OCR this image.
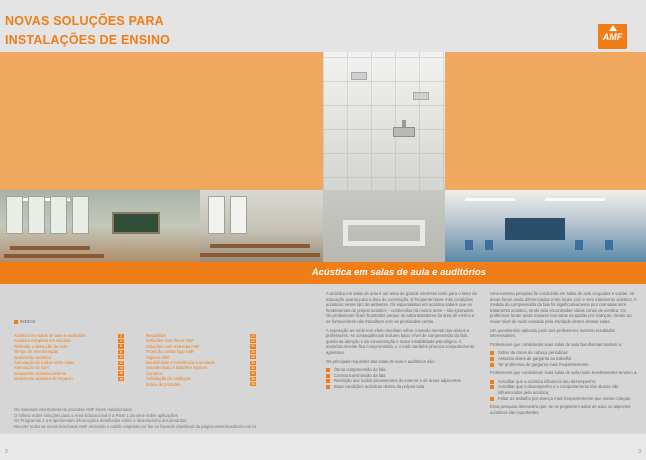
NOVAS SOLUÇÕES PARA
INSTALAÇÕES DE ENSINO	AMF
Acústica em salas de aula e auditórios
ÍNDICE
Acústica em salas de aula e auditórios	2
Acústica completa em escolas	4
Reflexão e absorção de som	6
Tempo de reverberação	8
Isolamento acústico	10
Atenuação de ruídos entre salas	12
Atenuação do som	14
Isolamento acústico externo	16
Isolamento acústico de impacto	18
Requisitos	20
Soluções com forros AMF	22
Soluções com sistemas AMF	24
Proteção contra fogo AMF	26
Higiene AMF	28
Durabilidade e resistência à umidade	30
Soundmosaic e Baseline System	32
Contatos	34
Solicitação de catálogos	35
Índice de produtos	36
Os materiais informativos de produtos AMF foram reelaborados.
O folheto sobre soluções para a Área Educacional é a Parte 1 da série sobre aplicações.
Os Programas 1 a 8 apresentam informações detalhadas sobre o desempenho dos produtos.
Recorte todas as novas brochuras AMF enviando o cartão resposta por fax ou fazendo download da página www.knaufamf.com.br.

A acústica em salas de aula é um tema de grande interesse tanto para o setor da educação quanto para a área da construção. É freqüente haver más condições acústicas nesse tipo de ambiente. Os especialistas em acústica sabem que os fundamentos de projeto acústico – conhecidos há muitos anos – são ignorados. Os professores ficam frustrados porque os administradores da área de ensino e os fornecedores não trabalham com as prioridades certas.

A exposição ao ruído tem efeito imediato sobre o estado mental dos alunos e professores. As conseqüências incluem baixo nível de compreensão da fala, queda da atenção e da concentração e maior instabilidade psicológica. A memória recente fica comprometida, e o ruído também provoca comportamento agressivo.

Os principais requisitos das salas de aula e auditórios são:

Ótima compreensão da fala
Correta transmissão da fala
Restrição aos ruídos provenientes do exterior e de áreas adjacentes
Boas condições acústicas dentro da própria sala.

Uma extensa pesquisa foi conduzida em salas de aula ocupadas e vazias. As áreas foram ainda diferenciadas entre locais com e sem tratamento acústico. A medida da compreensão da fala foi significativamente pior nas salas sem tratamento acústico, tendo sido encontradas várias zonas de sombra. Os problemas foram ainda maiores nas salas ocupadas por crianças, devido ao maior nível de ruído causado pela atividade dentro dessas salas.

Um questionário aplicado junto aos professores mostrou resultados interessantes:

Professores que consideram suas salas de aula barulhentas tendem a:

Sofrer de dores de cabeça periódicas
Associar dores de garganta ao trabalho
Ter problemas de garganta mais freqüentemente.

Professores que consideram suas salas de aula muito reverberantes tendem a:

Acreditar que a acústica influencia seu desempenho;
Acreditar que o desempenho e o comportamento dos alunos são influenciados pela acústica;
Faltar ao trabalho por doença mais freqüentemente que outros colegas.

Essa pesquisa demonstra que, se os projetarem salas de aula, os aspectos acústicos são importantes.

2	3
